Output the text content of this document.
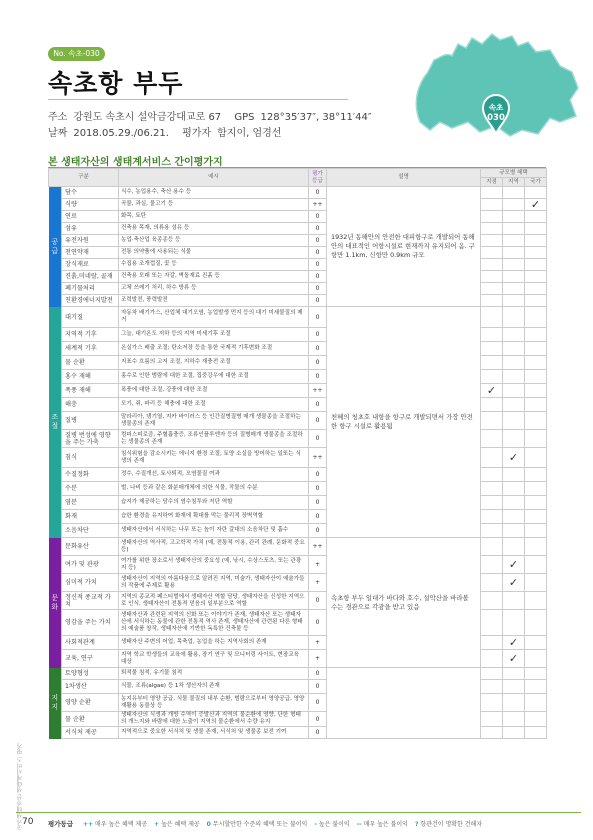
No. 속초-030
속초항 부두
속초
030
주소 강원도 속초시 설악금강대교로 67 GPS 128°35′37″, 38°11′44″
날짜 2018.05.29./06.21. 평가자 함지이, 엄경선
본 생태자산의 생태계서비스 간이평가지
구분		예시	평가
등급	설명	규모별 혜택		
					지점	지역	국가
공급	담수	식수, 농업용수, 축산 용수 등	0	1932년 동해안의 안전한 대피항구로 개발되어 동해안의 대표적인 어항시설로 현재까지 유지되어 옴. 구항만 1.1km, 신항만 0.9km 규모			
	식량	곡물, 과실, 물고기 등	++				✓
	연료	화목, 토탄	0				
	섬유	건축용 목재, 의류용 섬유 등	0				
	유전자원	농업·축산업 육종종등 등	0				
	천연약재	전통 의약품에 사용되는 식물	0				
	장식재료	수집용 조개껍질, 꽃 등	0				
	진흙,미네랄, 골재	건축용 모래 또는 자갈, 벽돌재료 진흙 등	0				
	폐기물처리	고체 쓰레기 처리, 하수 방류 등	0				
	친환경에너지발전	조력발전, 풍력발전	0				
조절	대기질	자동차 배기가스, 산업체 대기오염, 농업발생 먼지 등의 대기 미세물질의 제거	0	천혜의 청초호 내항을 항구로 개발되면서 가장 안전한 항구 시설로 활용됨			
	지역적 기후	그늘, 대기온도 저하 등의 지역 미세기후 조절	0				
	세계적 기후	온실가스 배출 조절; 탄소저장 등을 통한 국제적 기후변화 조절	0				
	물 순환	지표수 흐름의 고저 조절, 지하수 재충전 조절	0				
	홍수 재해	홍수로 인한 범람에 대한 조절, 집중강우에 대한 조절	0				
	폭풍 재해	폭풍에 대한 조절, 강풍에 대한 조절	++		✓		
	해충	모기, 쥐, 파리 등 해충에 대한 조절	0				
	질병	말라리아, 댕기열, 지카 바이러스 등 인간질병질병 매개 생물종을 조절하는 생물종의 존재	0				
	질병 번성에 영향을 주는 가축	컴피스피로즘, 주혈흡충증, 조류인플루엔자 등의 질병매개 생물종을 조절하는 생물종의 존재	0				
	침식	침식위험을 감소시키는 에너지 환경 조절, 토양 소실을 방어하는 일또는 식생의 존재	++			✓	
	수질정화	정수, 수질개선, 토사퇴적, 오염물질 여과	0				
	수분	벌, 나비 등과 같은 화분매개체에 의한 식물, 작물의 수분	0				
	염분	습지가 제공하는 담수의 염수침투와 저단 역할	0				
	화재	습한 환경을 유지하여 화재에 확대를 막는 물리적 장벽역할	0				
	소음차단	생태자산에서 서식하는 나무 또는 높이 자란 갈대의 소음차단 및 흡수	0				
문화	문화유산	생태자산의 역사적, 고고학적 가치 (예, 전통적 이용, 관리 관례, 문화적 중요 등)	++	속초항 부두 일대가 바다와 호수, 설악산을 바라볼 수는 경관으로 각광을 받고 있음			
	여가 및 관광	여가를 위한 장소로서 생태자산의 중요성 (예, 낚시, 수상스포츠, 또는 관광지 등)	+			✓	
	심미적 가치	생태자산이 지역의 아름다움으로 알려진 지역, 미술가, 생태자산이 예술가들의 작품에 주제로 활용	+			✓	
	정신적 종교적 가치	지역의 종교적 페스티벌에서 생태자산 역할 담당, 생태자산을 신성한 지역으로 인식, 생태자산이 전통적 믿음의 일부분으로 역할	0				
	영감을 주는 가치	생태자산과 관련된 지역의 신화 또는 이야기가 존재, 생태자산 또는 생태자산에 서식하는 동물에 관한 전통적 역사 존재, 생태자산에 관련된 다른 형태의 예술품 창작, 생태자산에 기반한 독특한 건축물 등	0				
	사회적관계	생태자산 주변의 어업, 목축업, 농업을 하는 지역사회의 존재	+			✓	
	교육, 연구	지역 학교 학생들의 교육에 활용, 장기 연구 및 모니터링 사이트, 현장교육 대상	+			✓	
지지	토양형성	퇴적물 침적, 유기물 침적	0				
	1차생산	식물, 조류(algae) 등 1차 생산자의 존재	0				
	영양 순환	농지유부터 영양 공급, 식물 물질의 내부 순환, 범람으로부터 영양공급, 영양 재활용 동물상 등	0				
	물 순환	생태자산의 식생과 개방 수역이 증발산과 지역의 물순환에 영향, 단한 형태의 개느지와 바람에 대한 노출이 지역의 물순환에서 수량 유지	0				
	서식처 제공	지역적으로 중요한 서식처 및 생물 존재, 서식처 및 생물종 보전 기여	0				
국가생태자산 생태계서비스 평가
70 평가등급 ++ 매우 높은 혜택 제공 + 높은 혜택 제공 0 무시할만한 수준의 혜택 또는 불이익 - 높은 불이익 -- 매우 높은 불이익 ? 항관건이 명확한 건해자
